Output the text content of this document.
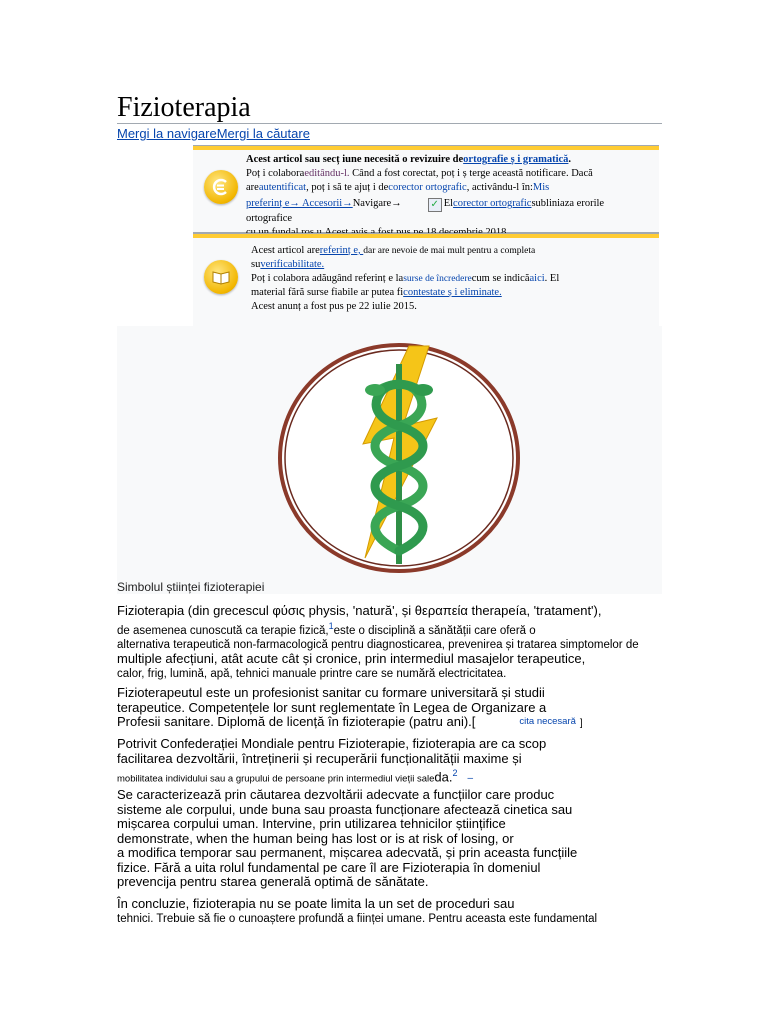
Fizioterapia
Mergi la navigareMergi la căutare
Acest articol sau secț iune necesită o revizuire deortografie ș i gramatică.
Poț i colaboraeditându-l. Când a fost corectat, poț i ș terge această notificare. Dacă
areautentificat, poț i să te ajuț i decorector ortografic, activându-l în:Mis
preferinț e→ Accesorii→Navigare→	✓ Elcorector ortograficsubliniaza erorile ortografice
Acest articol arereferinț e, dar are nevoie de mai mult pentru a completa
suverificabilitate.
Poț i colabora adăugând referinț e lasurse de încrederecum se indicăaici. El
material fără surse fiabile ar putea ficontestate ș i eliminate.
Acest anunț a fost pus pe 22 iulie 2015.
Simbolul științei fizioterapiei
Fizioterapia (din grecescul φύσις physis, 'natură', și θεραπεία therapeía, 'tratament'),
de asemenea cunoscută ca terapie fizică,$^1$este o disciplină a sănătății care oferă o
alternativa terapeutică non-farmacologică pentru diagnosticarea, prevenirea și tratarea simptomelor de
multiple afecțiuni, atât acute cât și cronice, prin intermediul masajelor terapeutice,
calor, frig, lumină, apă, tehnici manuale printre care se numără electricitatea.
Fizioterapeutul este un profesionist sanitar cu formare universitară și studii
terapeutice. Competențele lor sunt reglementate în Legea de Organizare a
Profesii sanitare. Diplomă de licență în fizioterapie (patru ani).[	cita necesară ]
Potrivit Confederației Mondiale pentru Fizioterapie, fizioterapia are ca scop
facilitarea dezvoltării, întreținerii și recuperării funcționalității maxime și
mobilitatea individului sau a grupului de persoane prin intermediul vieții saleda.$^2$–
Se caracterizează prin căutarea dezvoltării adecvate a funcțiilor care produc
sisteme ale corpului, unde buna sau proasta funcționare afectează cinetica sau
mișcarea corpului uman. Intervine, prin utilizarea tehnicilor științifice
demonstrate, when the human being has lost or is at risk of losing, or
a modifica temporar sau permanent, mișcarea adecvată, și prin aceasta funcțiile
fizice. Fără a uita rolul fundamental pe care îl are Fizioterapia în domeniul
prevencija pentru starea generală optimă de sănătate.
În concluzie, fizioterapia nu se poate limita la un set de proceduri sau
tehnici. Trebuie să fie o cunoaștere profundă a ființei umane. Pentru aceasta este fundamental
